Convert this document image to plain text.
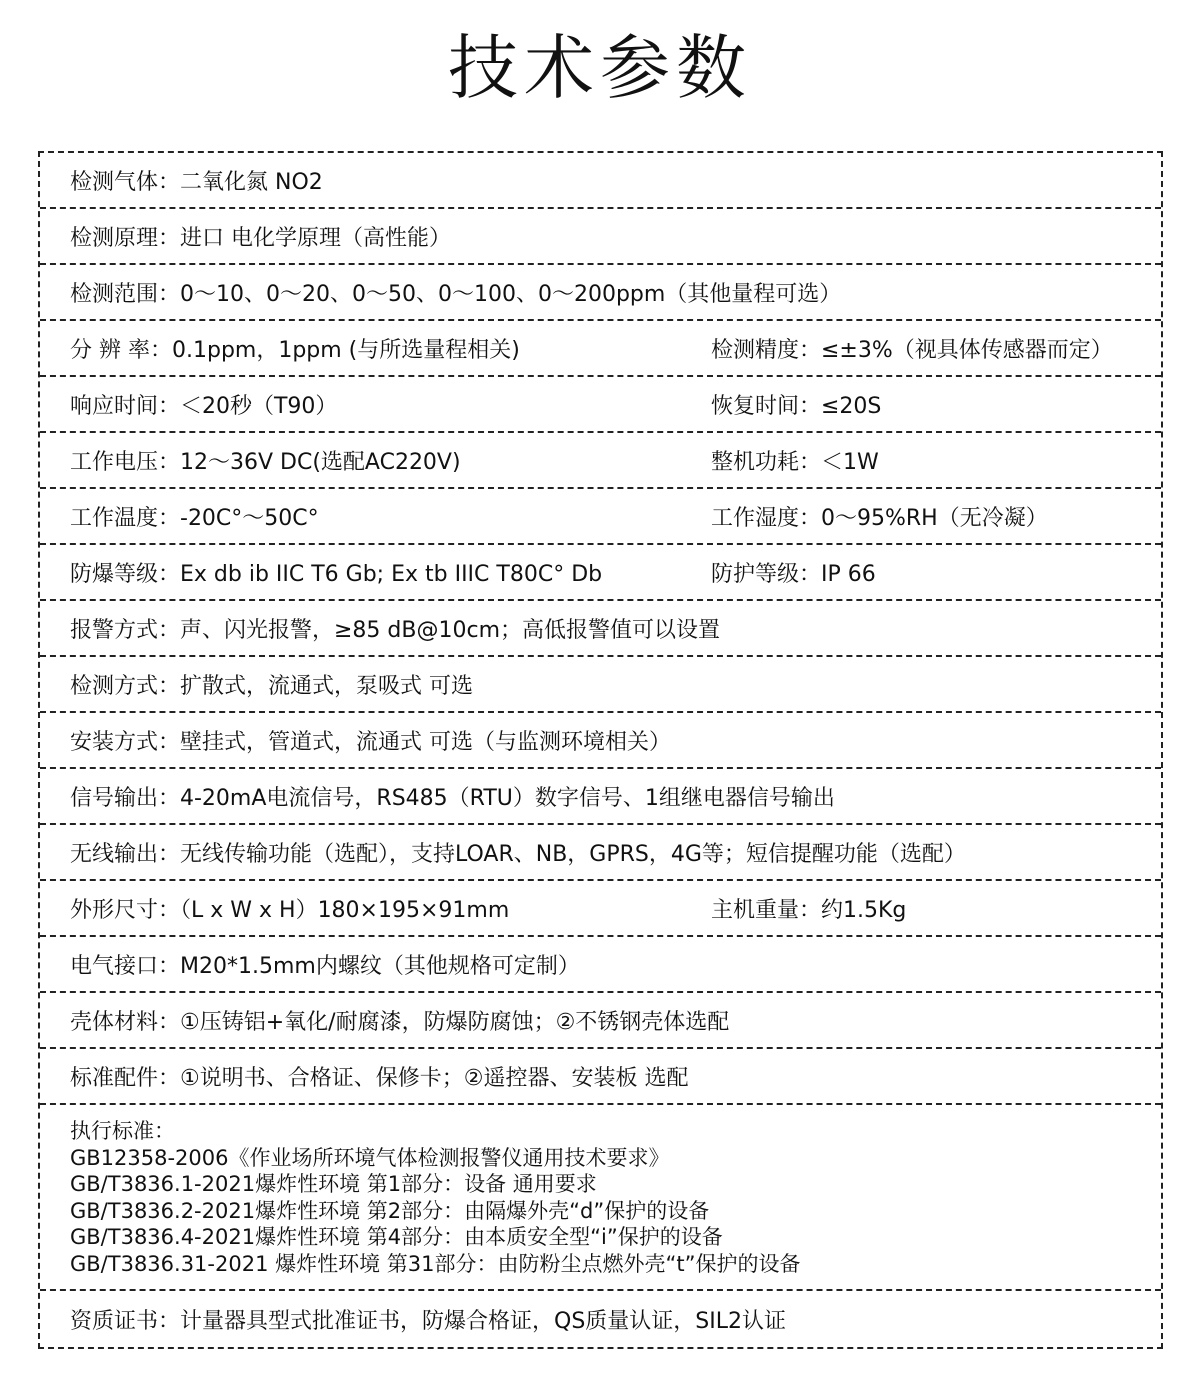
技术参数
检测气体：二氧化氮 NO2
检测原理：进口 电化学原理（高性能）
检测范围：0～10、0～20、0～50、0～100、0～200ppm（其他量程可选）
分 辨 率：0.1ppm，1ppm (与所选量程相关)	检测精度：≤±3%（视具体传感器而定）
响应时间：＜20秒（T90）	恢复时间：≤20S
工作电压：12～36V DC(选配AC220V)	整机功耗：＜1W
工作温度：-20C°～50C°	工作湿度：0～95%RH（无冷凝）
防爆等级：Ex db ib IIC T6 Gb; Ex tb IIIC T80C° Db	防护等级：IP 66
报警方式：声、闪光报警，≥85 dB@10cm；高低报警值可以设置
检测方式：扩散式，流通式，泵吸式 可选
安装方式：壁挂式，管道式，流通式 可选（与监测环境相关）
信号输出：4-20mA电流信号，RS485（RTU）数字信号、1组继电器信号输出
无线输出：无线传输功能（选配），支持LOAR、NB，GPRS，4G等；短信提醒功能（选配）
外形尺寸：（L x W x H）180×195×91mm	主机重量：约1.5Kg
电气接口：M20*1.5mm内螺纹（其他规格可定制）
壳体材料：①压铸铝+氧化/耐腐漆，防爆防腐蚀；②不锈钢壳体选配
标准配件：①说明书、合格证、保修卡；②遥控器、安装板 选配
执行标准：
GB12358-2006《作业场所环境气体检测报警仪通用技术要求》
GB/T3836.1-2021爆炸性环境 第1部分：设备 通用要求
GB/T3836.2-2021爆炸性环境 第2部分：由隔爆外壳“d”保护的设备
GB/T3836.4-2021爆炸性环境 第4部分：由本质安全型“i”保护的设备
GB/T3836.31-2021 爆炸性环境 第31部分：由防粉尘点燃外壳“t”保护的设备
资质证书：计量器具型式批准证书，防爆合格证，QS质量认证，SIL2认证
